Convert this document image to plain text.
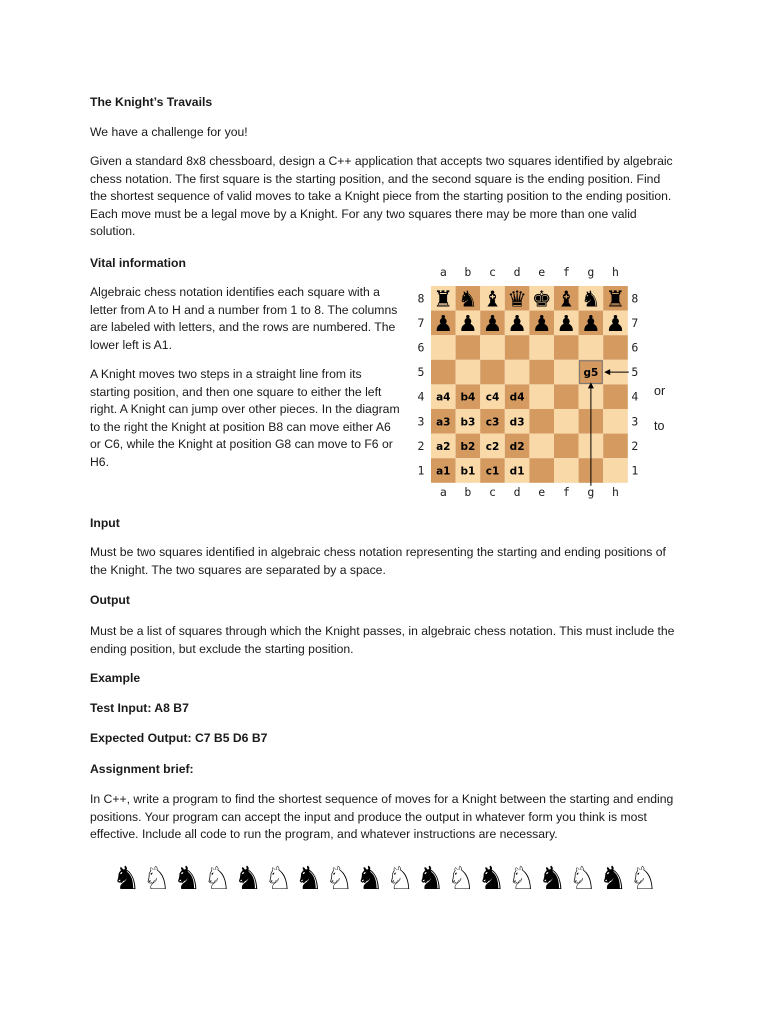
The Knight’s Travails

We have a challenge for you!

Given a standard 8x8 chessboard, design a C++ application that accepts two squares identified by algebraic chess notation. The first square is the starting position, and the second square is the ending position. Find the shortest sequence of valid moves to take a Knight piece from the starting position to the ending position. Each move must be a legal move by a Knight. For any two squares there may be more than one valid solution.

Vital information

Algebraic chess notation identifies each square with a letter from A to H and a number from 1 to 8. The columns are labeled with letters, and the rows are numbered. The lower left is A1.

A Knight moves two steps in a straight line from its starting position, and then one square to either the left right. A Knight can jump over other pieces. In the diagram to the right the Knight at position B8 can move either A6 or C6, while the Knight at position G8 can move to F6 or H6.

a
a
b
b
c
c
d
d
e
e
f
f
g
g
h
h
8	8
7	7
6	6
5	5
4	4
3	3
2	2
1	1
♟ ♟ ♟ ♟ ♟ ♟ ♟ ♟
♜ ♞ ♝ ♛ ♚ ♝ ♞ ♜
g5
a4 b4 c4 d4
a3 b3 c3 d3
a2 b2 c2 d2
a1 b1 c1 d1
or
to

Input

Must be two squares identified in algebraic chess notation representing the starting and ending positions of the Knight. The two squares are separated by a space.

Output

Must be a list of squares through which the Knight passes, in algebraic chess notation. This must include the ending position, but exclude the starting position.

Example

Test Input: A8 B7

Expected Output: C7 B5 D6 B7

Assignment brief:

In C++, write a program to find the shortest sequence of moves for a Knight between the starting and ending positions. Your program can accept the input and produce the output in whatever form you think is most effective. Include all code to run the program, and whatever instructions are necessary.

♞ ♘ ♞ ♘ ♞ ♘ ♞ ♘ ♞ ♘ ♞ ♘ ♞ ♘ ♞ ♘ ♞ ♘
